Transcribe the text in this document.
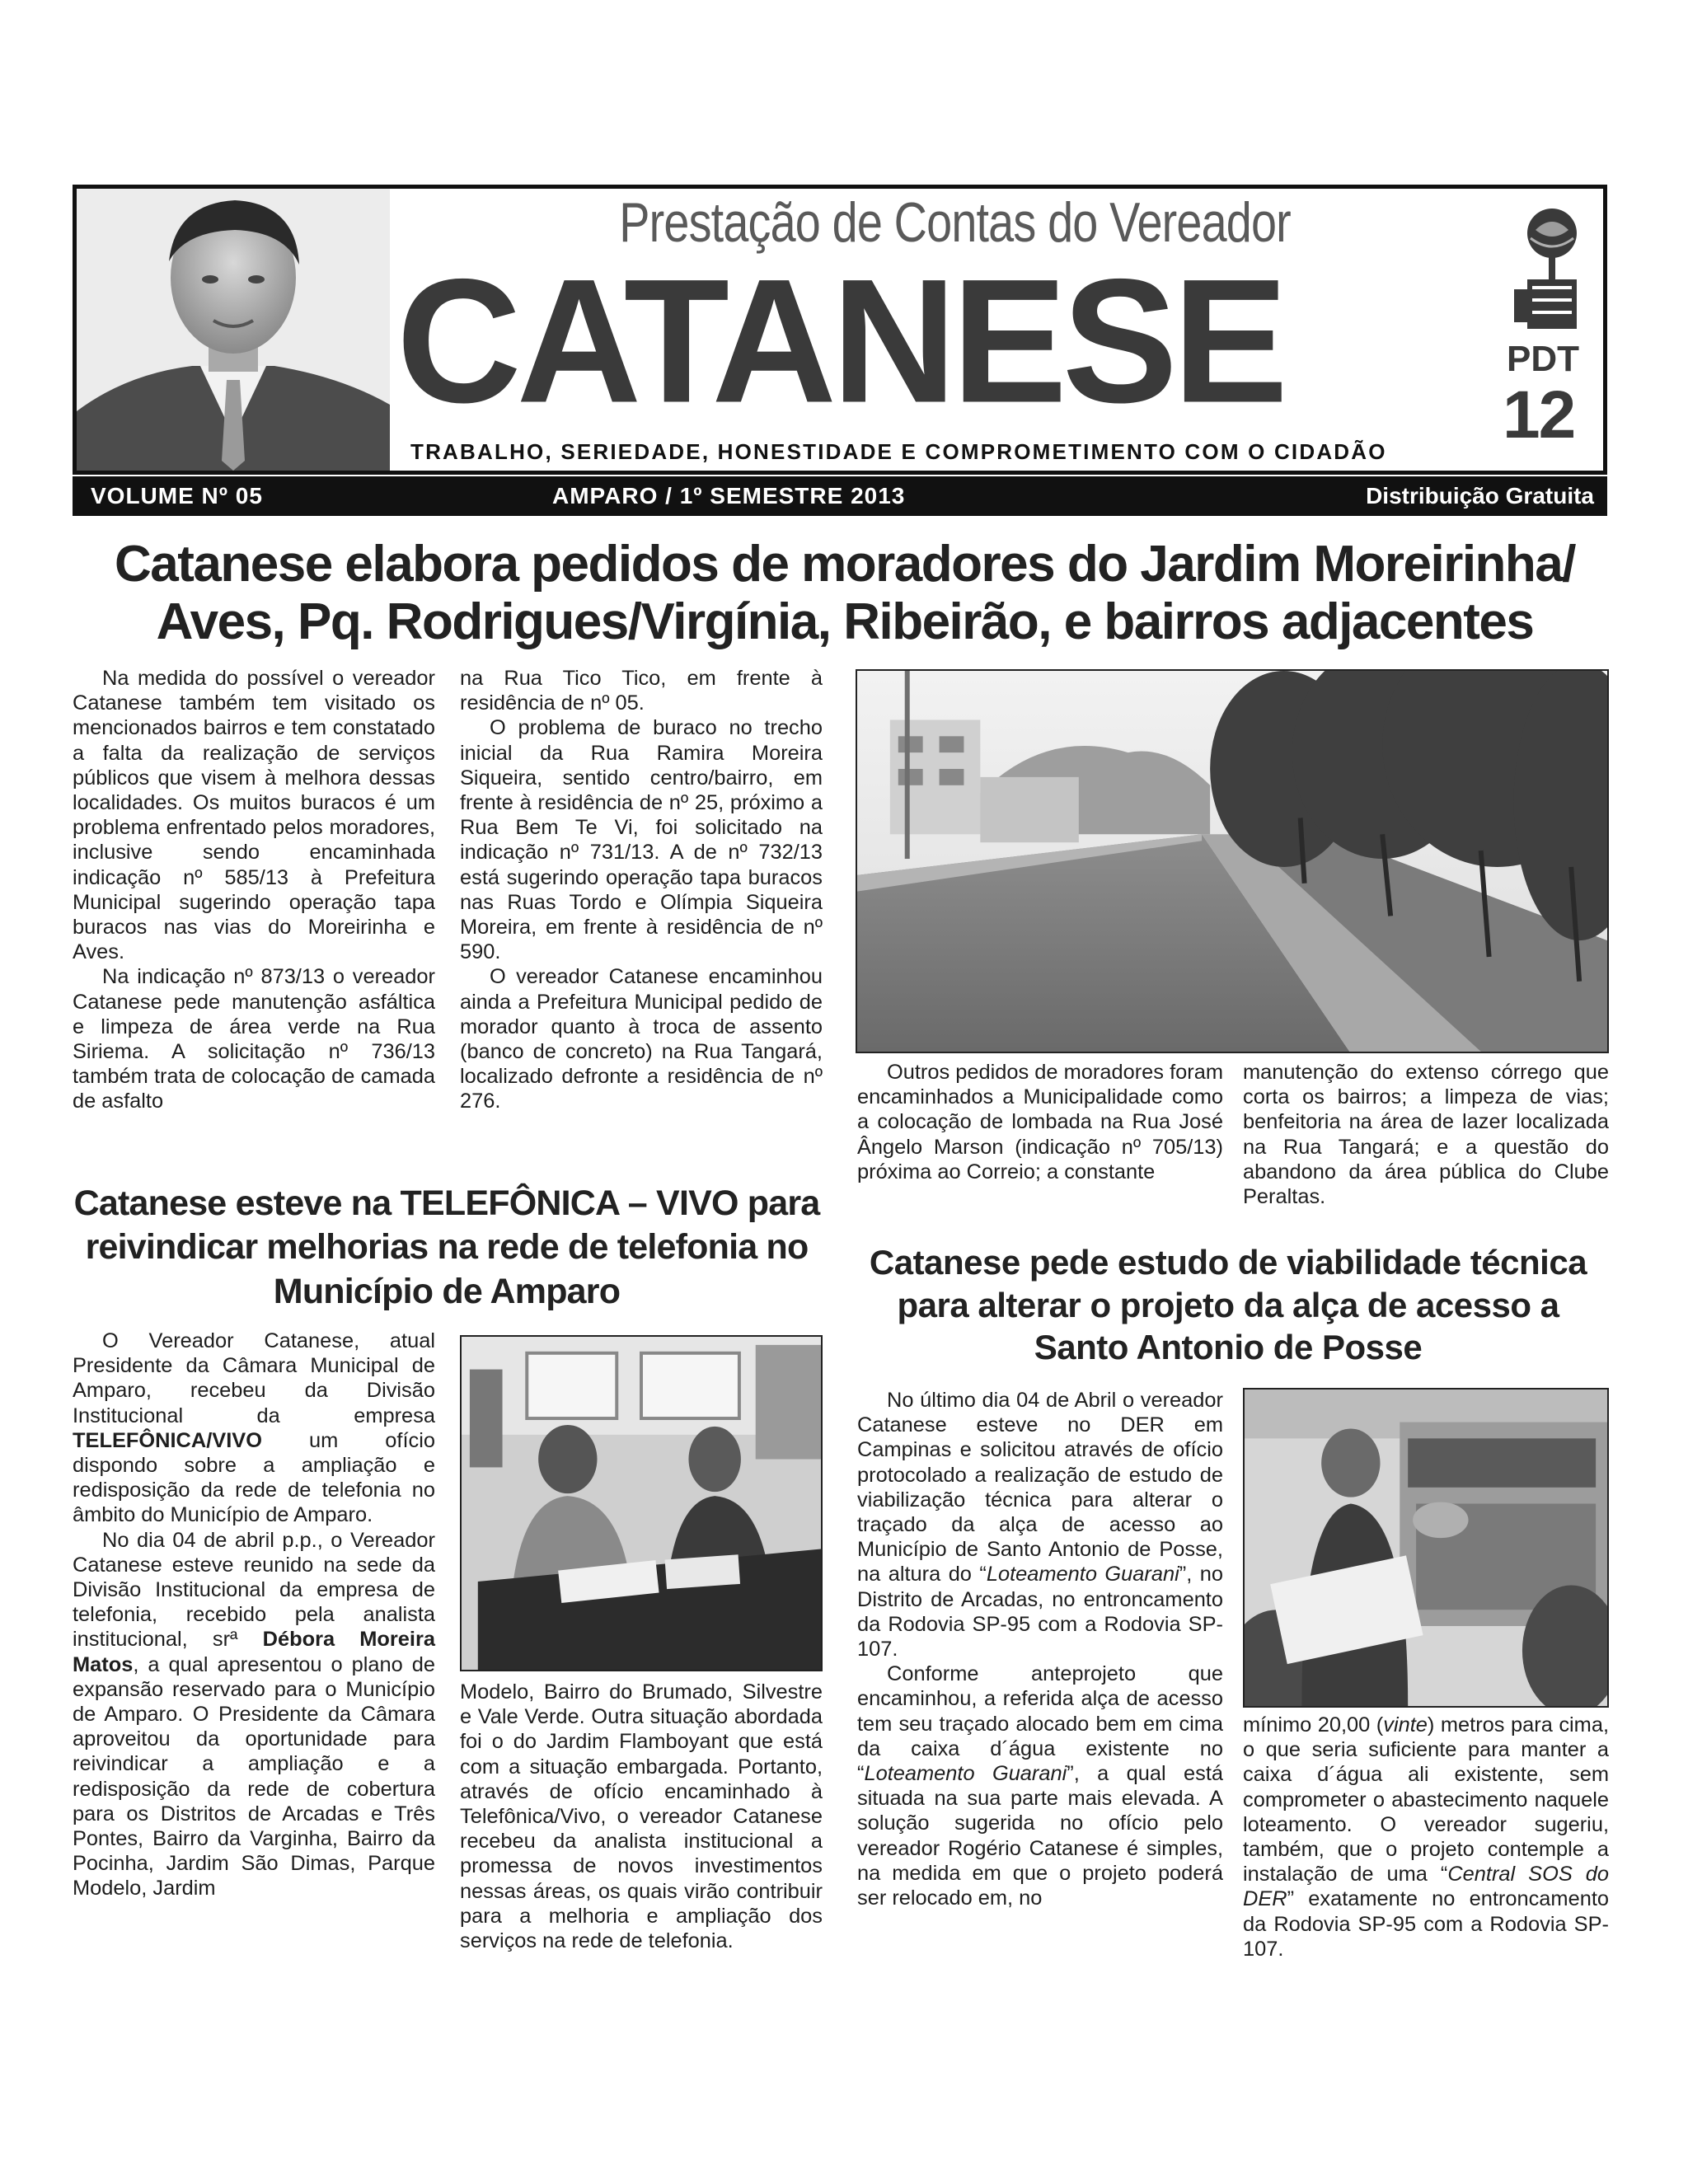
Prestação de Contas do Vereador
CATANESE
TRABALHO, SERIEDADE, HONESTIDADE E COMPROMETIMENTO COM O CIDADÃO
PDT
12
VOLUME Nº 05	AMPARO / 1º SEMESTRE 2013	Distribuição Gratuita
Catanese elabora pedidos de moradores do Jardim Moreirinha/ Aves, Pq. Rodrigues/Virgínia, Ribeirão, e bairros adjacentes

Na medida do possível o vereador Catanese também tem visitado os mencionados bairros e tem constatado a falta da realização de serviços públicos que visem à melhora dessas localidades. Os muitos buracos é um problema enfrentado pelos moradores, inclusive sendo encaminhada indicação nº 585/13 à Prefeitura Municipal sugerindo operação tapa buracos nas vias do Moreirinha e Aves.

Na indicação nº 873/13 o vereador Catanese pede manutenção asfáltica e limpeza de área verde na Rua Siriema. A solicitação nº 736/13 também trata de colocação de camada de asfalto

na Rua Tico Tico, em frente à residência de nº 05.

O problema de buraco no trecho inicial da Rua Ramira Moreira Siqueira, sentido centro/bairro, em frente à residência de nº 25, próximo a Rua Bem Te Vi, foi solicitado na indicação nº 731/13. A de nº 732/13 está sugerindo operação tapa buracos nas Ruas Tordo e Olímpia Siqueira Moreira, em frente à residência de nº 590.

O vereador Catanese encaminhou ainda a Prefeitura Municipal pedido de morador quanto à troca de assento (banco de concreto) na Rua Tangará, localizado defronte a residência de nº 276.

Outros pedidos de moradores foram encaminhados a Municipalidade como a colocação de lombada na Rua José Ângelo Marson (indicação nº 705/13) próxima ao Correio; a constante

manutenção do extenso córrego que corta os bairros; a limpeza de vias; benfeitoria na área de lazer localizada na Rua Tangará; e a questão do abandono da área pública do Clube Peraltas.

Catanese esteve na TELEFÔNICA – VIVO para reivindicar melhorias na rede de telefonia no Município de Amparo

O Vereador Catanese, atual Presidente da Câmara Municipal de Amparo, recebeu da Divisão Institucional da empresa TELEFÔNICA/VIVO um ofício dispondo sobre a ampliação e redisposição da rede de telefonia no âmbito do Município de Amparo.

No dia 04 de abril p.p., o Vereador Catanese esteve reunido na sede da Divisão Institucional da empresa de telefonia, recebido pela analista institucional, srª Débora Moreira Matos, a qual apresentou o plano de expansão reservado para o Município de Amparo. O Presidente da Câmara aproveitou da oportunidade para reivindicar a ampliação e a redisposição da rede de cobertura para os Distritos de Arcadas e Três Pontes, Bairro da Varginha, Bairro da Pocinha, Jardim São Dimas, Parque Modelo, Jardim

Modelo, Bairro do Brumado, Silvestre e Vale Verde. Outra situação abordada foi o do Jardim Flamboyant que está com a situação embargada. Portanto, através de ofício encaminhado à Telefônica/Vivo, o vereador Catanese recebeu da analista institucional a promessa de novos investimentos nessas áreas, os quais virão contribuir para a melhoria e ampliação dos serviços na rede de telefonia.

Catanese pede estudo de viabilidade técnica para alterar o projeto da alça de acesso a Santo Antonio de Posse

No último dia 04 de Abril o vereador Catanese esteve no DER em Campinas e solicitou através de ofício protocolado a realização de estudo de viabilização técnica para alterar o traçado da alça de acesso ao Município de Santo Antonio de Posse, na altura do “Loteamento Guarani”, no Distrito de Arcadas, no entroncamento da Rodovia SP-95 com a Rodovia SP-107.

Conforme anteprojeto que encaminhou, a referida alça de acesso tem seu traçado alocado bem em cima da caixa d´água existente no “Loteamento Guarani”, a qual está situada na sua parte mais elevada. A solução sugerida no ofício pelo vereador Rogério Catanese é simples, na medida em que o projeto poderá ser relocado em, no

mínimo 20,00 (vinte) metros para cima, o que seria suficiente para manter a caixa d´água ali existente, sem comprometer o abastecimento naquele loteamento. O vereador sugeriu, também, que o projeto contemple a instalação de uma “Central SOS do DER” exatamente no entroncamento da Rodovia SP-95 com a Rodovia SP-107.
